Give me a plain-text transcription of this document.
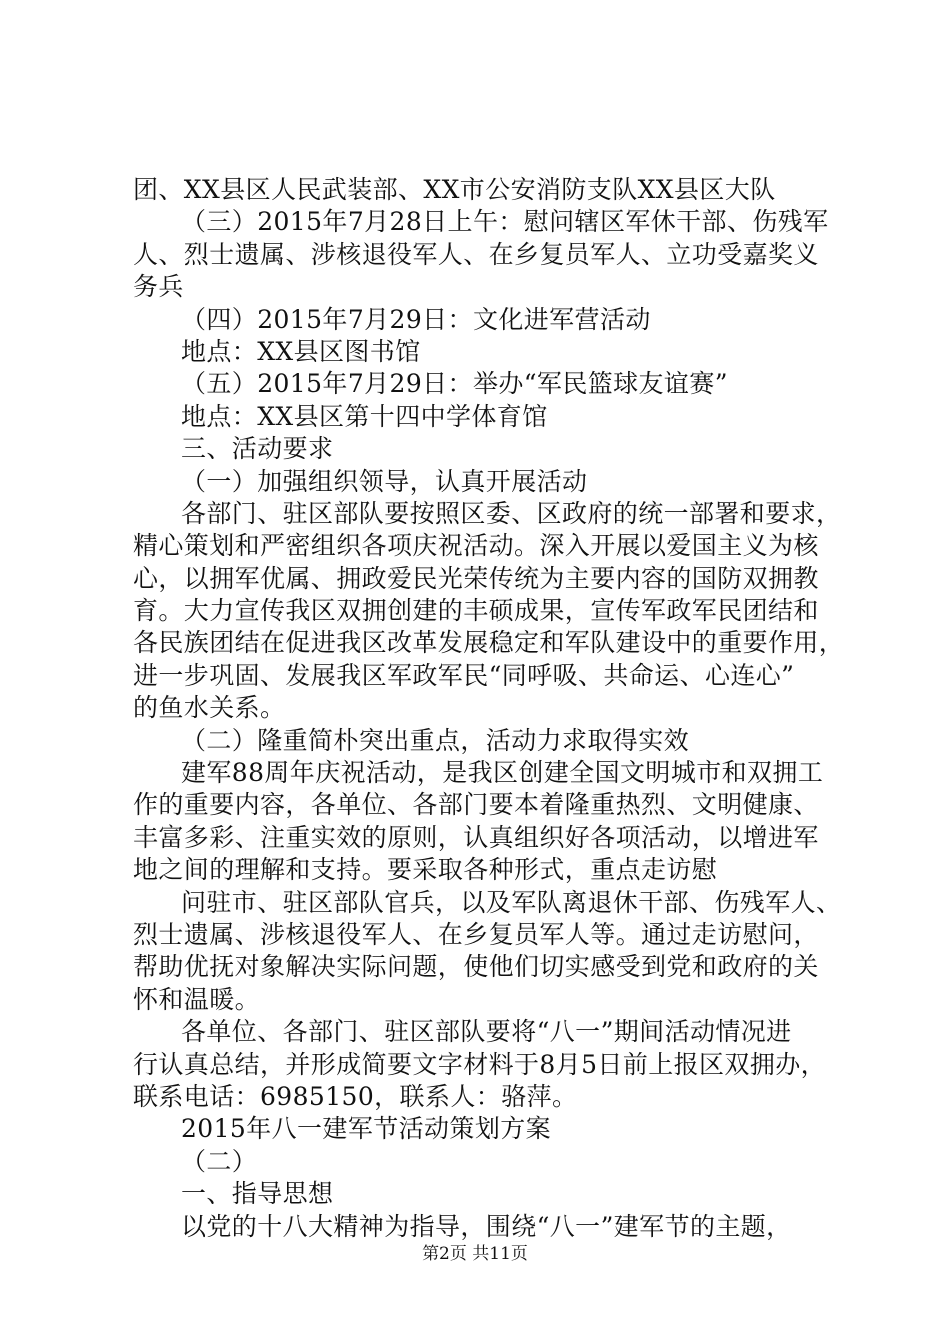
团、XX县区人民武装部、XX市公安消防支队XX县区大队
（三）2015年7月28日上午：慰问辖区军休干部、伤残军
人、烈士遗属、涉核退役军人、在乡复员军人、立功受嘉奖义
务兵
（四）2015年7月29日：文化进军营活动
地点：XX县区图书馆
（五）2015年7月29日：举办“军民篮球友谊赛”
地点：XX县区第十四中学体育馆
三、活动要求
（一）加强组织领导，认真开展活动
各部门、驻区部队要按照区委、区政府的统一部署和要求，
精心策划和严密组织各项庆祝活动。深入开展以爱国主义为核
心，以拥军优属、拥政爱民光荣传统为主要内容的国防双拥教
育。大力宣传我区双拥创建的丰硕成果，宣传军政军民团结和
各民族团结在促进我区改革发展稳定和军队建设中的重要作用，
进一步巩固、发展我区军政军民“同呼吸、共命运、心连心”
的鱼水关系。
（二）隆重简朴突出重点，活动力求取得实效
建军88周年庆祝活动，是我区创建全国文明城市和双拥工
作的重要内容，各单位、各部门要本着隆重热烈、文明健康、
丰富多彩、注重实效的原则，认真组织好各项活动，以增进军
地之间的理解和支持。要采取各种形式，重点走访慰
问驻市、驻区部队官兵，以及军队离退休干部、伤残军人、
烈士遗属、涉核退役军人、在乡复员军人等。通过走访慰问，
帮助优抚对象解决实际问题，使他们切实感受到党和政府的关
怀和温暖。
各单位、各部门、驻区部队要将“八一”期间活动情况进
行认真总结，并形成简要文字材料于8月5日前上报区双拥办，
联系电话：6985150，联系人：骆萍。
2015年八一建军节活动策划方案
（二）
一、指导思想
以党的十八大精神为指导，围绕“八一”建军节的主题，
第2页 共11页
